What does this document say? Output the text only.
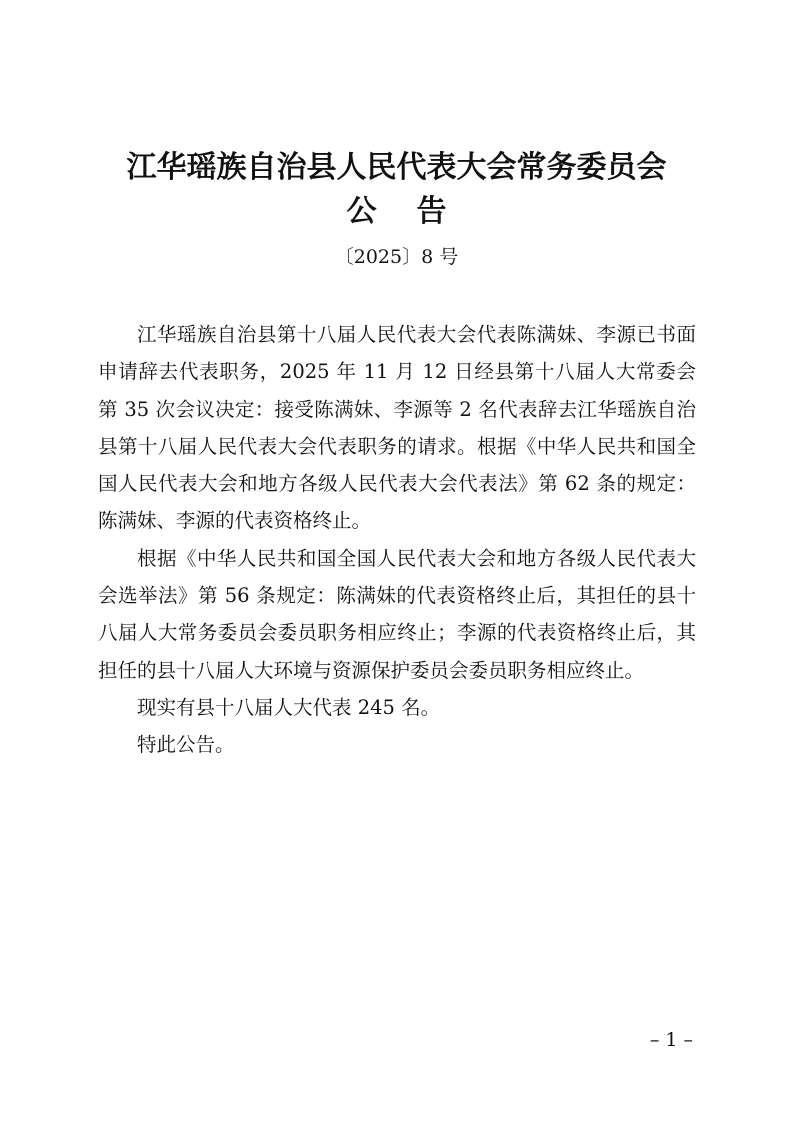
江华瑶族自治县人民代表大会常务委员会
公告
〔2025〕8 号

江华瑶族自治县第十八届人民代表大会代表陈满妹、李源已书面申请辞去代表职务，2025 年 11 月 12 日经县第十八届人大常委会第 35 次会议决定：接受陈满妹、李源等 2 名代表辞去江华瑶族自治县第十八届人民代表大会代表职务的请求。根据《中华人民共和国全国人民代表大会和地方各级人民代表大会代表法》第 62 条的规定：陈满妹、李源的代表资格终止。

根据《中华人民共和国全国人民代表大会和地方各级人民代表大会选举法》第 56 条规定：陈满妹的代表资格终止后，其担任的县十八届人大常务委员会委员职务相应终止；李源的代表资格终止后，其担任的县十八届人大环境与资源保护委员会委员职务相应终止。

现实有县十八届人大代表 245 名。

特此公告。

– 1 –
